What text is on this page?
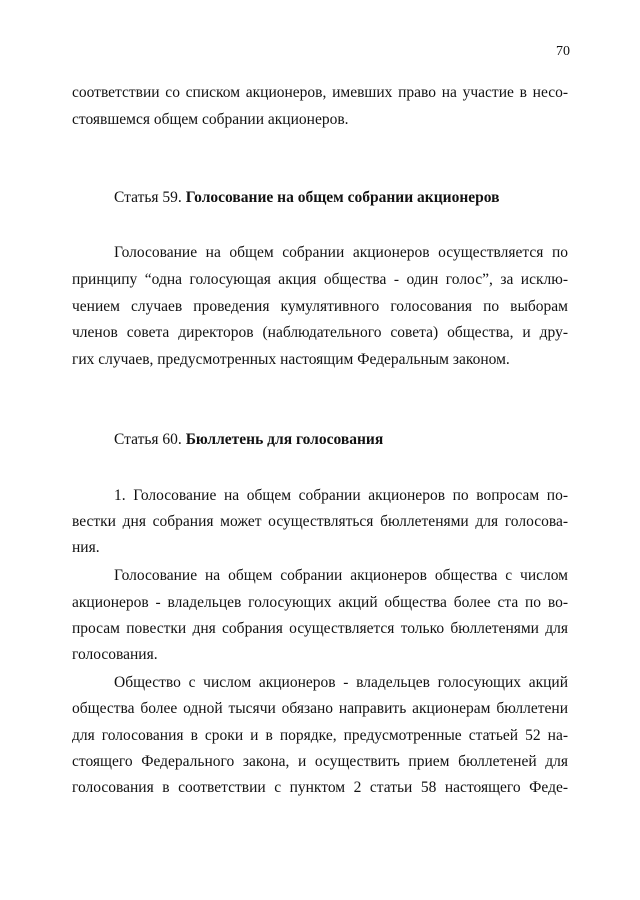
70
соответствии со списком акционеров, имевших право на участие в несо-
стоявшемся общем собрании акционеров.
Статья 59. Голосование на общем собрании акционеров
Голосование на общем собрании акционеров осуществляется по
принципу “одна голосующая акция общества - один голос”, за исклю-
чением случаев проведения кумулятивного голосования по выборам
членов совета директоров (наблюдательного совета) общества, и дру-
гих случаев, предусмотренных настоящим Федеральным законом.
Статья 60. Бюллетень для голосования
1. Голосование на общем собрании акционеров по вопросам по-
вестки дня собрания может осуществляться бюллетенями для голосова-
ния.
Голосование на общем собрании акционеров общества с числом
акционеров - владельцев голосующих акций общества более ста по во-
просам повестки дня собрания осуществляется только бюллетенями для
голосования.
Общество с числом акционеров - владельцев голосующих акций
общества более одной тысячи обязано направить акционерам бюллетени
для голосования в сроки и в порядке, предусмотренные статьей 52 на-
стоящего Федерального закона, и осуществить прием бюллетеней для
голосования в соответствии с пунктом 2 статьи 58 настоящего Феде-
